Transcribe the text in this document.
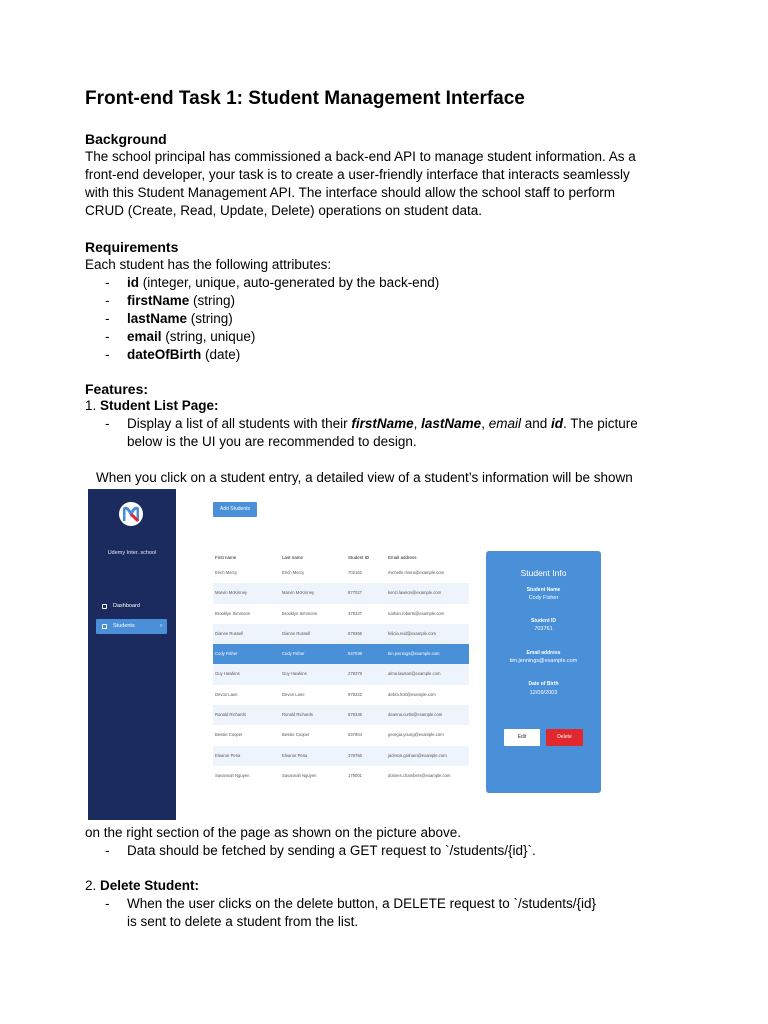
Front-end Task 1: Student Management Interface

Background

The school principal has commissioned a back-end API to manage student information. As a front-end developer, your task is to create a user-friendly interface that interacts seamlessly with this Student Management API. The interface should allow the school staff to perform CRUD (Create, Read, Update, Delete) operations on student data.

Requirements

Each student has the following attributes:

- id (integer, unique, auto-generated by the back-end)
- firstName (string)
- lastName (string)
- email (string, unique)
- dateOfBirth (date)

Features:

1. Student List Page:
- Display a list of all students with their firstName, lastName, email and id. The picture below is the UI you are recommended to design.

When you click on a student entry, a detailed view of a student’s information will be shown

Udemy Inter. school
Dashboard
Students	›
Add Students
First name	Last name	Student ID	Email address
Erich Mercy	Erich Mercy	702162	michelle.rivera@example.com
Marvin McKinney	Marvin McKinney	877027	kenzi.lawson@example.com
Brooklyn Simmons	Brooklyn Simmons	378337	nathan.roberts@example.com
Dianne Russell	Dianne Russell	878366	felicia.reid@example.com
Cody Fisher	Cody Fisher	547036	tim.jennings@example.com
Guy Hawkins	Guy Hawkins	278378	alma.lawson@example.com
Devon Lane	Devon Lane	978222	debra.holt@example.com
Ronald Richards	Ronald Richards	578336	deanna.curtis@example.com
Bessie Cooper	Bessie Cooper	537804	georgia.young@example.com
Eleanor Pena	Eleanor Pena	378766	jackson.graham@example.com
Savannah Nguyen	Savannah Nguyen	179001	dolores.chambers@example.com
Student Info
Student Name
Cody Fisher
Student ID
703761
Email address
tim.jennings@example.com
Date of Birth
12/09/2003
Edit	Delete

on the right section of the page as shown on the picture above.

- Data should be fetched by sending a GET request to `/students/{id}`.
2. Delete Student:
- When the user clicks on the delete button, a DELETE request to `/students/{id} is sent to delete a student from the list.
